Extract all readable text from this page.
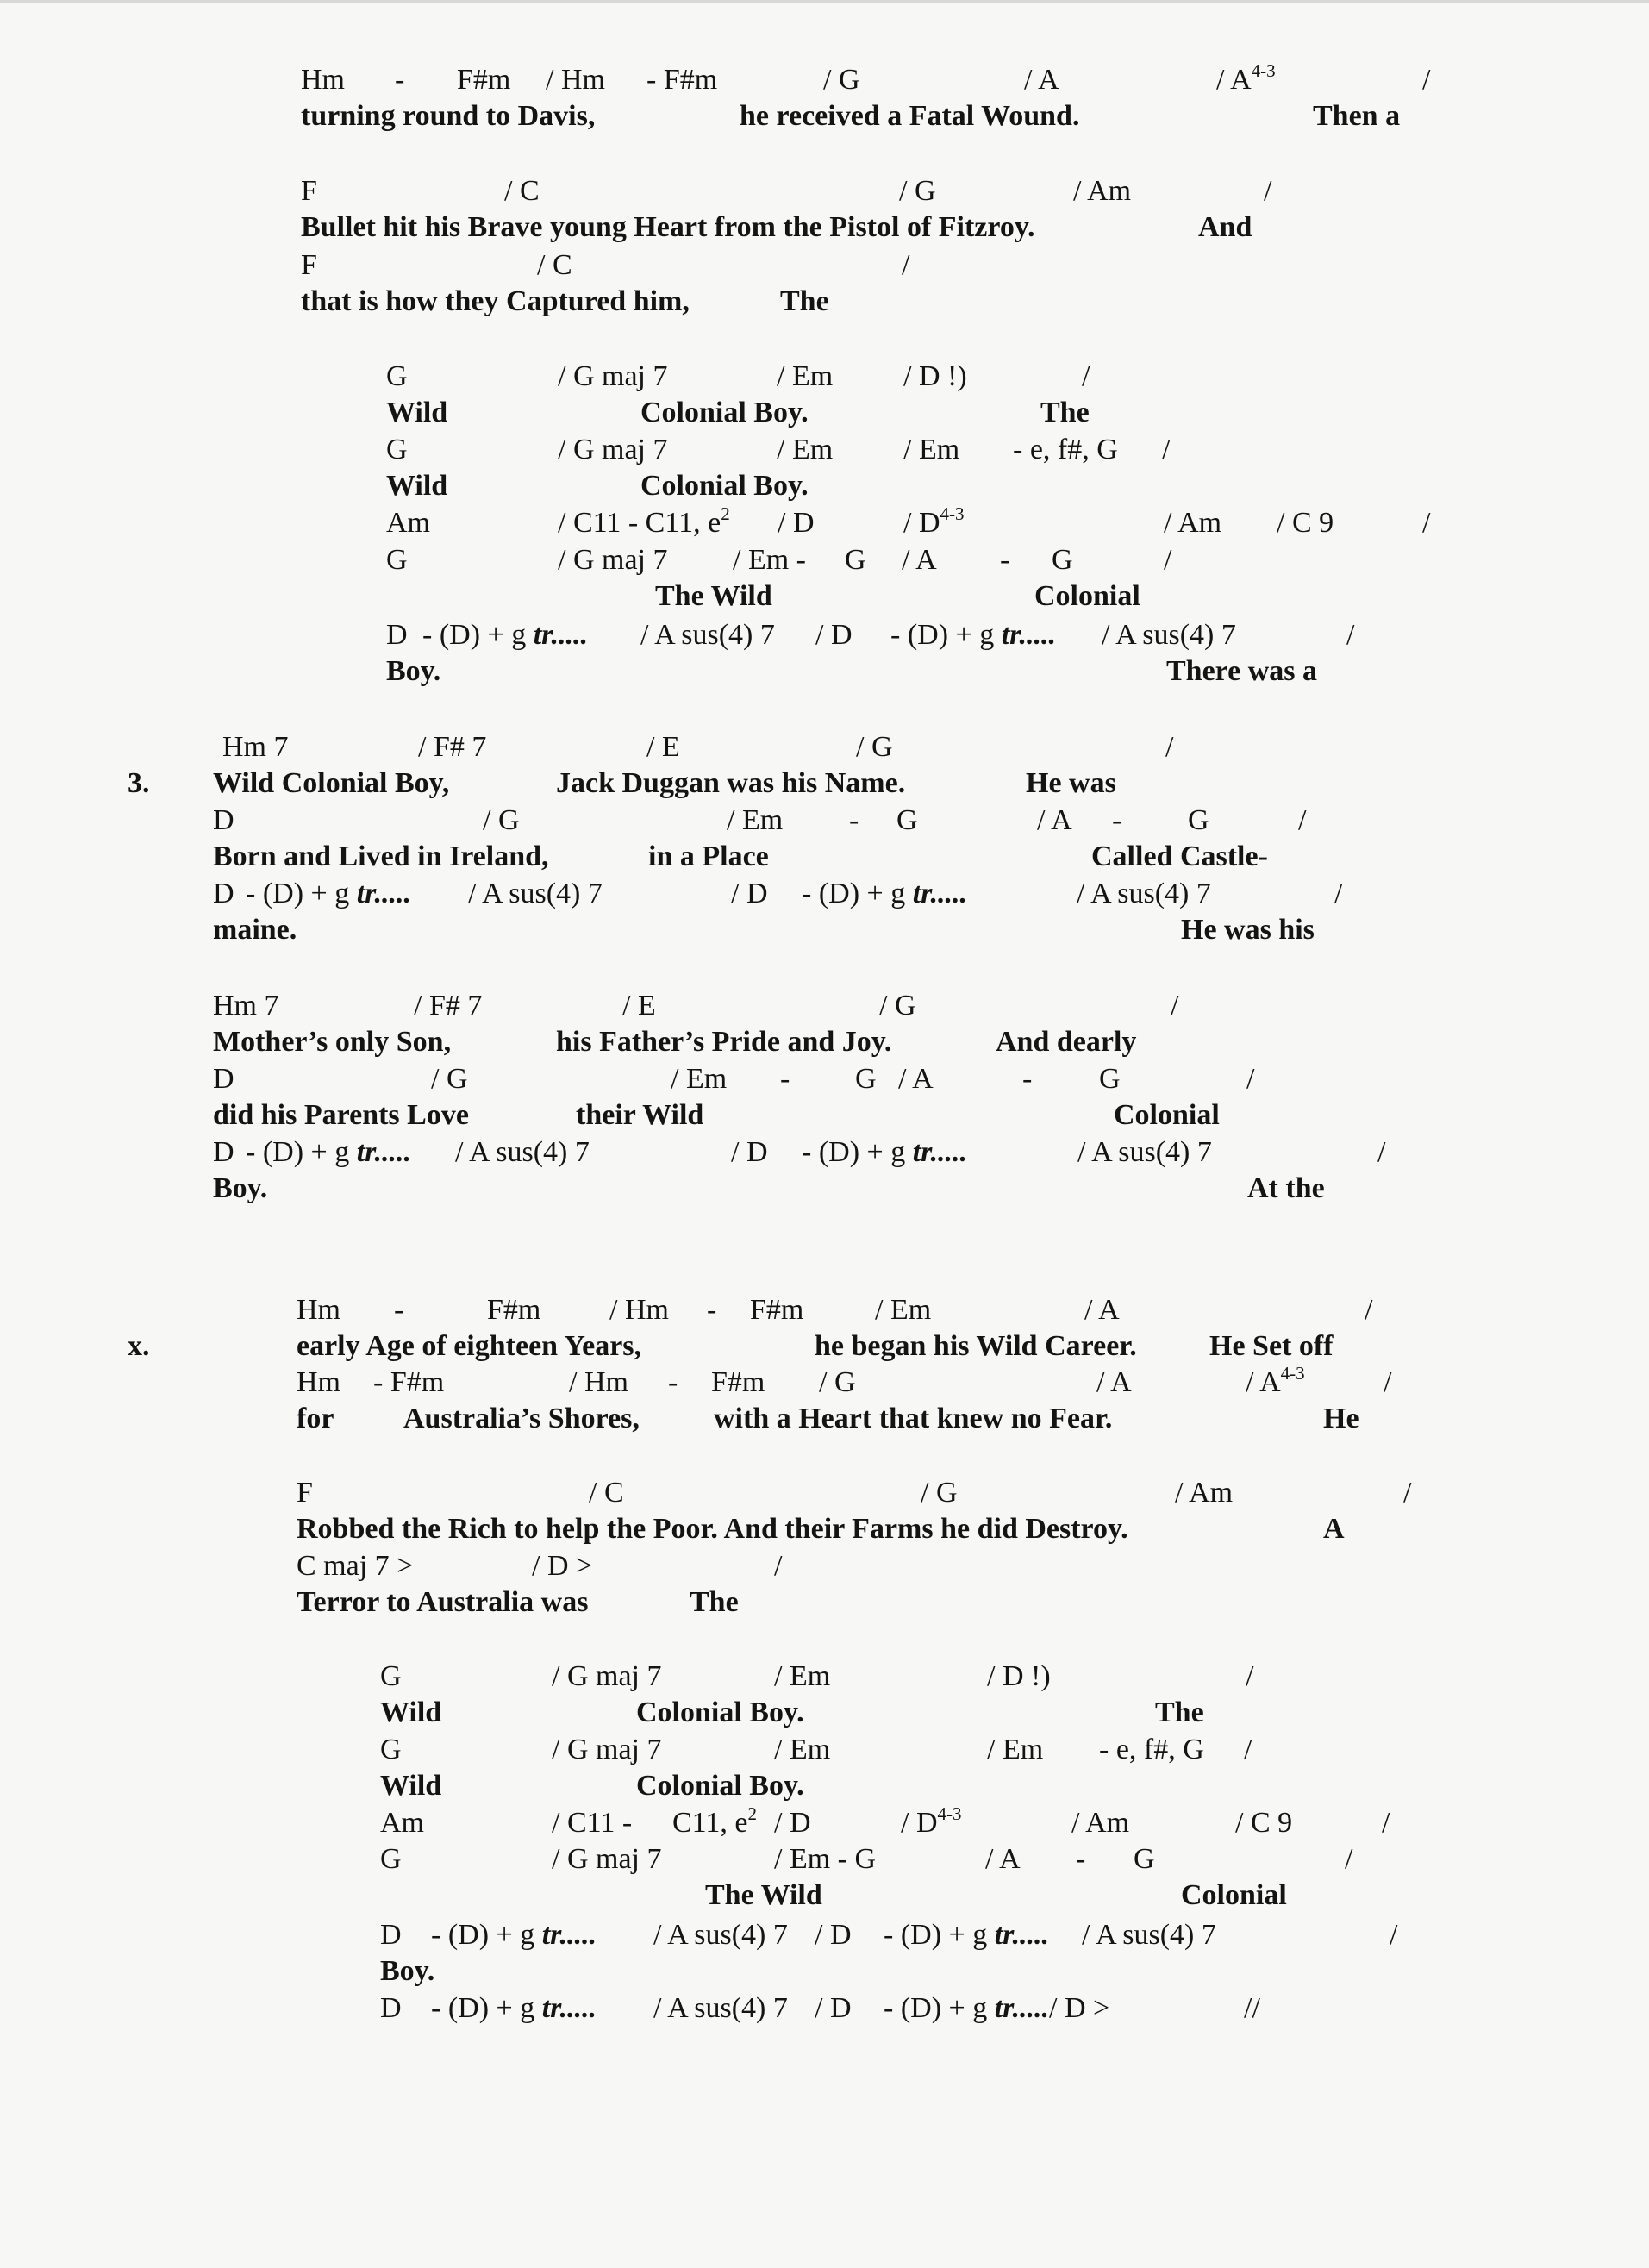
Hm - F#m / Hm - F#m	/ G	/ A	/ $A^{4-3}$	/
turning round to Davis,	he received a Fatal Wound.	Then a
F	/ C	/ G	/ Am	/
Bullet hit his Brave young Heart from the Pistol of Fitzroy.	And
F	/ C	/
that is how they Captured him,	The
G	/ G maj 7	/ Em / D !)	/
Wild	Colonial Boy.	The
G	/ G maj 7	/ Em / Em - e, f#, G /
Wild	Colonial Boy.
Am	/ C11 - C11, $e^2$ / D	/ $D^{4-3}$	/ Am / C 9	/
G	/ G maj 7 / Em - G / A - G	/
The Wild	Colonial
D - (D) + g tr..... / A sus(4) 7 / D - (D) + g tr..... / A sus(4) 7	/
Boy.	There was a
Hm 7	/ F# 7	/ E	/ G	/
Wild Colonial Boy,	Jack Duggan was his Name.	He was
D	/ G	/ Em - G	/ A - G	/
Born and Lived in Ireland,	in a Place	Called Castle-
D - (D) + g tr..... / A sus(4) 7	/ D - (D) + g tr.....	/ A sus(4) 7	/
maine.	He was his
Hm 7	/ F# 7	/ E	/ G	/
Mother’s only Son,	his Father’s Pride and Joy.	And dearly
D	/ G	/ Em - G / A	- G	/
did his Parents Love	their Wild	Colonial
D - (D) + g tr..... / A sus(4) 7	/ D - (D) + g tr.....	/ A sus(4) 7	/
Boy.	At the
Hm -	F#m / Hm - F#m / Em	/ A	/
early Age of eighteen Years,	he began his Wild Career. He Set off
Hm - F#m	/ Hm - F#m / G	/ A	/ $A^{4-3}$	/
for Australia’s Shores,	with a Heart that knew no Fear.	He
F	/ C	/ G	/ Am	/
Robbed the Rich to help the Poor. And their Farms he did Destroy.	A
C maj 7 >	/ D >	/
Terror to Australia was	The
G	/ G maj 7	/ Em	/ D !)	/
Wild	Colonial Boy.	The
G	/ G maj 7	/ Em	/ Em - e, f#, G /
Wild	Colonial Boy.
Am	/ C11 - C11, $e^2$ / D	/ $D^{4-3}$	/ Am	/ C 9	/
G	/ G maj 7	/ Em - G	/ A - G	/
The Wild	Colonial
D - (D) + g tr..... / A sus(4) 7 / D - (D) + g tr..... / A sus(4) 7	/
Boy.
D - (D) + g tr..... / A sus(4) 7 / D - (D) + g tr...../ D >	//
3.
x.
